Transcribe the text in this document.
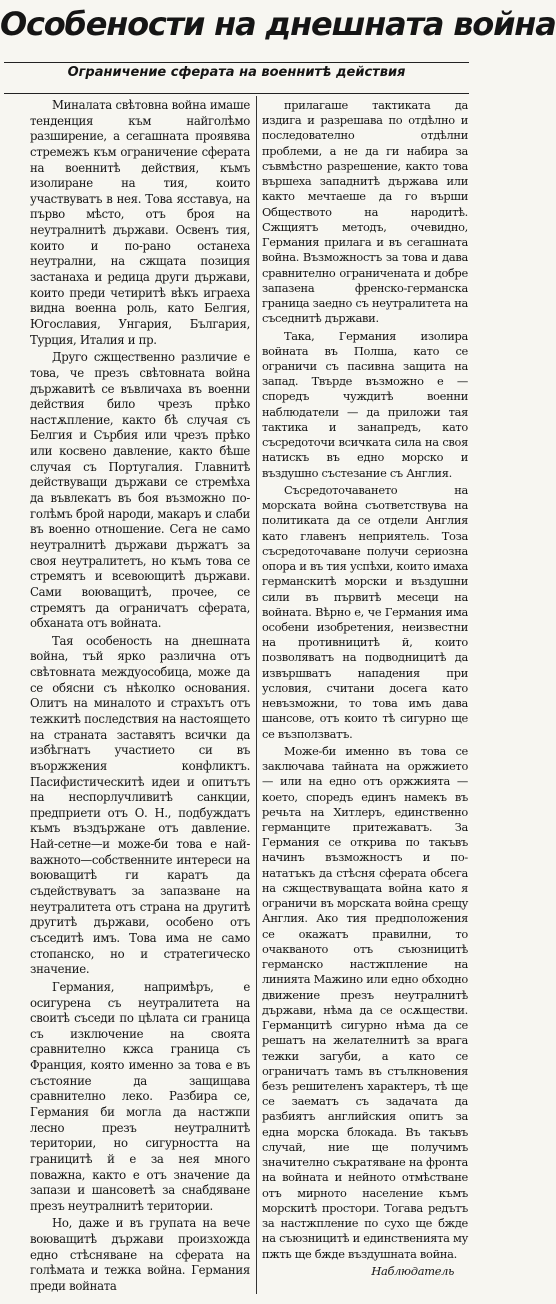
Особености на днешната война
Ограничение сферата на военнитѣ действия

Миналата свѣтовна война имаше тенденция към найголѣмо разширение, а сегашната проявява стремежъ към ограничение сферата на военнитѣ действия, къмъ изолиране на тия, които участвуватъ в нея. Това ясставуа, на първо мѣсто, отъ броя на неутралнитѣ държави. Освенъ тия, които и по-рано останеха неутрални, на сжщата позиция застанаха и редица други държави, които преди четиритѣ вѣкъ играеха видна военна роль, като Белгия, Югославия, Унгария, България, Турция, Италия и пр.

Друго сжщественно различие е това, че презъ свѣтовната война държавитѣ се въвличаха въ военни действия било чрезъ прѣко настѫпление, както бѣ случая съ Белгия и Сърбия или чрезъ прѣко или косвено давление, както бѣше случая съ Португалия. Главнитѣ действуващи държави се стремѣха да въвлекатъ въ боя възможно по-голѣмъ брой народи, макаръ и слаби въ военно отношение. Сега не само неутралнитѣ държави държатъ за своя неутралитетъ, но къмъ това се стремятъ и всевоющитѣ държави. Сами воюващитѣ, прочее, се стремятъ да ограничатъ сферата, обханата отъ войната.

Тая особеность на днешната война, тъй ярко различна отъ свѣтовната междуособица, може да се обясни съ нѣколко основания. Олитъ на миналото и страхътъ отъ тежкитѣ последствия на настоящето на страната заставятъ всички да избѣгнатъ участието си въ въоржжения конфликтъ. Пасифистическитѣ идеи и опитътъ на неспорлучливитѣ санкции, предприети отъ О. Н., подбуждатъ къмъ въздържане отъ давление. Най-сетне—и може-би това е най-важното—собственните интереси на воюващитѣ ги каратъ да съдействуватъ за запазване на неутралитета отъ страна на другитѣ другитѣ държави, особено отъ съседитѣ имъ. Това има не само стопанско, но и стратегическо значение.

Германия, напримѣръ, е осигурена съ неутралитета на своитѣ съседи по цѣлата си граница съ изключение на своята сравнително кжса граница съ Франция, която именно за това е въ състояние да защищава сравнително леко. Разбира се, Германия би могла да настжпи лесно презъ неутралнитѣ територии, но сигурността на границитѣ й е за нея много поважна, както е отъ значение да запази и шансоветѣ за снабдяване презъ неутралнитѣ територии.

Но, даже и въ групата на вече воюващитѣ държави произхожда едно стѣсняване на сферата на голѣмата и тежка война. Германия преди войната

прилагаше тактиката да издига и разрешава по отдѣлно и последователно отдѣлни проблеми, а не да ги набира за съвмѣстно разрешение, както това вършеха западнитѣ държава или както мечтаеше да го върши Обществото на народитѣ. Сжщиятъ методъ, очевидно, Германия прилага и въ сегашната война. Възможностъ за това и дава сравнително ограничената и добре запазена френско-германска граница заедно съ неутралитета на съседнитѣ държави.

Така, Германия изолира войната въ Полша, като се ограничи съ пасивна защита на запад. Твърде възможно е — споредъ чуждитѣ военни наблюдатели — да приложи тая тактика и занапредъ, като съсредоточи всичката сила на своя натискъ въ едно морско и въздушно състезание съ Англия.

Съсредоточаването на морската война съответствува на политиката да се отдели Англия като главенъ неприятель. Тоза съсредоточаване получи сериозна опора и въ тия успѣхи, които имаха германскитѣ морски и въздушни сили въ първитѣ месеци на войната. Вѣрно е, че Германия има особени изобретения, неизвестни на противницитѣ й, които позволяватъ на подводницитѣ да извършватъ нападения при условия, считани досега като невъзможни, то това имъ дава шансове, отъ които тѣ сигурно ще се възползватъ.

Може-би именно въ това се заключава тайната на оржжието — или на едно отъ оржжията — което, споредъ единъ намекъ въ речьта на Хитлеръ, единственно германците притежаватъ. За Германия се открива по такъвъ начинъ възможностъ и по-нататъкъ да стѣсня сферата обсега на сжществуващата война като я ограничи въ морската война срещу Англия. Ако тия предположения се окажатъ правилни, то очакваното отъ съюзницитѣ германско настжпление на линията Мажино или едно обходно движение презъ неутралнитѣ държави, нѣма да се осѫществи. Германцитѣ сигурно нѣма да се решатъ на желателнитѣ за врага тежки загуби, а като се ограничатъ тамъ въ стълкновения безъ решителенъ характеръ, тѣ ще се заематъ съ задачата да разбиятъ английския опитъ за една морска блокада. Въ такъвъ случай, ние ще получимъ значително съкратяване на фронта на войната и нейното отмѣстване отъ мирното население къмъ морскитѣ простори. Тогава редътъ за настжпление по сухо ще бжде на съюзницитѣ и единственията му пжть ще бжде въздушната война.

Наблюдатель
